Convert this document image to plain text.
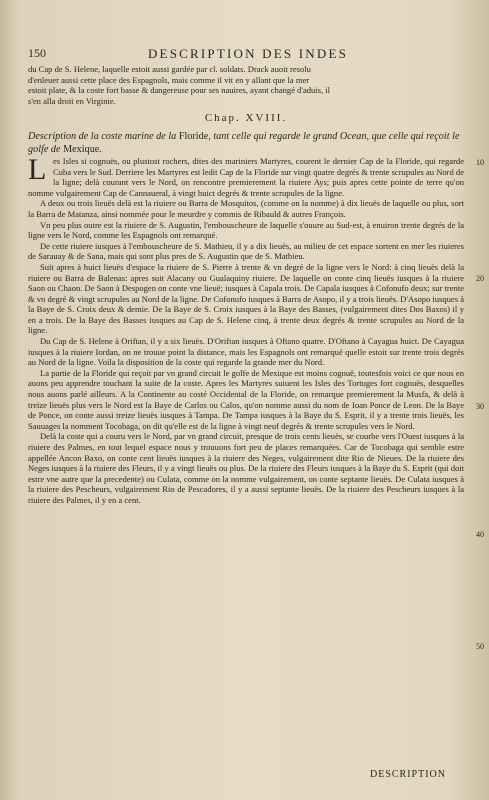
150	DESCRIPTION DES INDES

du Cap de S. Helene, laquelle estoit aussi gardée par cl. soldats. Drack auoit resolu

d'enleuer aussi cette place des Espagnols, mais comme il vit en y allant que la mer

estoit plate, & la coste fort basse & dangereuse pour ses nauires, ayant changé d'aduis, il

s'en alla droit en Virginie.

Chap. XVIII.

Description de la coste marine de la Floride, tant celle qui regarde le grand Ocean, que celle qui reçoit le golfe de Mexique.

10
20
30
40
50

Les Isles si cognuës, ou plustost rochers, dites des mariniers Martyres, courent le dernier Cap de la Floride, qui regarde Cuba vers le Sud. Derriere les Martyres est ledit Cap de la Floride sur vingt quatre degrés & trente scrupules au Nord de la ligne; delà courant vers le Nord, on rencontre premierement la riuiere Ays; puis apres cette pointe de terre qu'on nomme vulgairement Cap de Cannaueral, à vingt huict degrés & trente scrupules de la ligne.

A deux ou trois lieuës delà est la riuiere ou Barra de Mosquitos, (comme on la nomme) à dix lieuës de laquelle ou plus, sort la Barra de Matanza, ainsi nommée pour le meurdre y commis de Ribauld & autres François.

Vn peu plus outre est la riuiere de S. Augustin, l'embouscheure de laquelle s'ouure au Sud-est, à enuiron trente degrés de la ligne vers le Nord, comme les Espagnols ont remarqué.

De cette riuiere iusques à l'embouscheure de S. Mathieu, il y a dix lieuës, au milieu de cet espace sortent en mer les riuieres de Sarauay & de Sana, mais qui sont plus pres de S. Augustin que de S. Mathieu.

Suit apres à huict lieuës d'espace la riuiere de S. Pierre à trente & vn degré de la ligne vers le Nord: à cinq lieuës delà la riuiere ou Barra de Balenas: apres suit Alacany ou Gualaquiny riuiere. De laquelle on conte cinq lieuës iusques à la riuiere Saon ou Chaon. De Saon à Despogen on conte vne lieuë; iusques à Capala trois. De Capala iusques à Cofonufo deux; sur trente & vn degré & vingt scrupules au Nord de la ligne. De Cofonufo iusques à Barra de Asopo, il y a trois lieuës. D'Asopo iusques à la Baye de S. Croix deux & demie. De la Baye de S. Croix iusques à la Baye des Basses, (vulgairement dites Dos Baxos) il y en a trois. De la Baye des Basses iusques au Cap de S. Helene cinq, à trente deux degrés & trente scrupules au Nord de la ligne.

Du Cap de S. Helene à Oriftan, il y a six lieuës. D'Oriftan iusques à Oftano quatre. D'Oftano à Cayagua huict. De Cayagua iusques à la riuiere Iordan, on ne trouue point la distance, mais les Espagnols ont remarqué quelle estoit sur trente trois degrés au Nord de la ligne. Voila la disposition de la coste qui regarde la grande mer du Nord.

La partie de la Floride qui reçoit par vn grand circuit le golfe de Mexique est moins cognuë, toutesfois voici ce que nous en auons peu apprendre touchant la suite de la coste. Apres les Martyres suiuent les Isles des Tortuges fort cognuës, desquelles nous auons parlé ailleurs. A la Continente au costé Occidental de la Floride, on remarque premierement la Musfa, & delà à treize lieuës plus vers le Nord est la Baye de Carlos ou Calos, qu'on nomme aussi du nom de Ioan Ponce de Leon. De la Baye de Ponce, on conte aussi treize lieuës iusques à Tampa. De Tampa iusques à la Baye du S. Esprit, il y a trente trois lieuës, les Sauuages la nomment Tocobaga, on dit qu'elle est de la ligne à vingt neuf degrés & trente scrupules vers le Nord.

Delà la coste qui a couru vers le Nord, par vn grand circuit, presque de trois cents lieuës, se courbe vers l'Ouest iusques à la riuiere des Palmes, en tout lequel espace nous y trouuons fort peu de places remarquées. Car de Tocobaga qui semble estre appellée Ancon Baxo, on conte cent lieuës iusques à la riuiere des Neges, vulgairement dite Rio de Nieues. De la riuiere des Neges iusques à la riuiere des Fleurs, il y a vingt lieuës ou plus. De la riuiere des Fleurs iusques à la Baye du S. Esprit (qui doit estre vne autre que la precedente) ou Culata, comme on la nomme vulgairement, on conte septante lieuës. De Culata iusques à la riuiere des Pescheurs, vulgairement Rio de Pescadores, il y a aussi septante lieuës. De la riuiere des Pescheurs iusques à la riuiere des Palmes, il y en a cent.

DESCRIPTION
